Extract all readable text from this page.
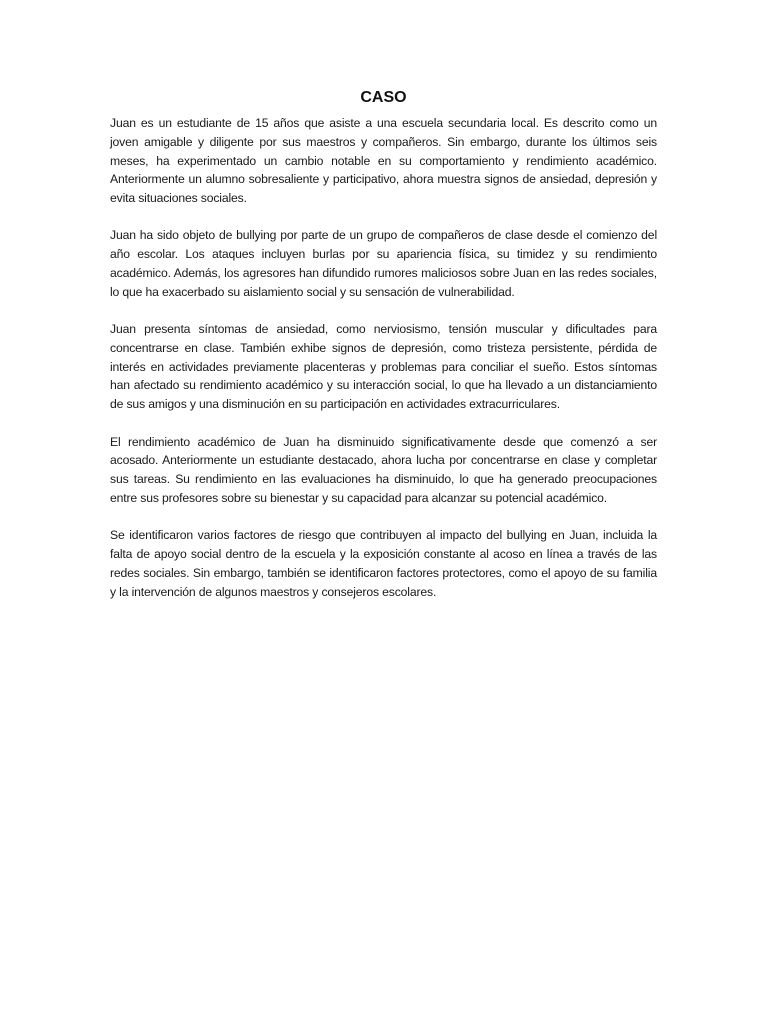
CASO

Juan es un estudiante de 15 años que asiste a una escuela secundaria local. Es descrito como un joven amigable y diligente por sus maestros y compañeros. Sin embargo, durante los últimos seis meses, ha experimentado un cambio notable en su comportamiento y rendimiento académico. Anteriormente un alumno sobresaliente y participativo, ahora muestra signos de ansiedad, depresión y evita situaciones sociales.

Juan ha sido objeto de bullying por parte de un grupo de compañeros de clase desde el comienzo del año escolar. Los ataques incluyen burlas por su apariencia física, su timidez y su rendimiento académico. Además, los agresores han difundido rumores maliciosos sobre Juan en las redes sociales, lo que ha exacerbado su aislamiento social y su sensación de vulnerabilidad.

Juan presenta síntomas de ansiedad, como nerviosismo, tensión muscular y dificultades para concentrarse en clase. También exhibe signos de depresión, como tristeza persistente, pérdida de interés en actividades previamente placenteras y problemas para conciliar el sueño. Estos síntomas han afectado su rendimiento académico y su interacción social, lo que ha llevado a un distanciamiento de sus amigos y una disminución en su participación en actividades extracurriculares.

El rendimiento académico de Juan ha disminuido significativamente desde que comenzó a ser acosado. Anteriormente un estudiante destacado, ahora lucha por concentrarse en clase y completar sus tareas. Su rendimiento en las evaluaciones ha disminuido, lo que ha generado preocupaciones entre sus profesores sobre su bienestar y su capacidad para alcanzar su potencial académico.

Se identificaron varios factores de riesgo que contribuyen al impacto del bullying en Juan, incluida la falta de apoyo social dentro de la escuela y la exposición constante al acoso en línea a través de las redes sociales. Sin embargo, también se identificaron factores protectores, como el apoyo de su familia y la intervención de algunos maestros y consejeros escolares.
